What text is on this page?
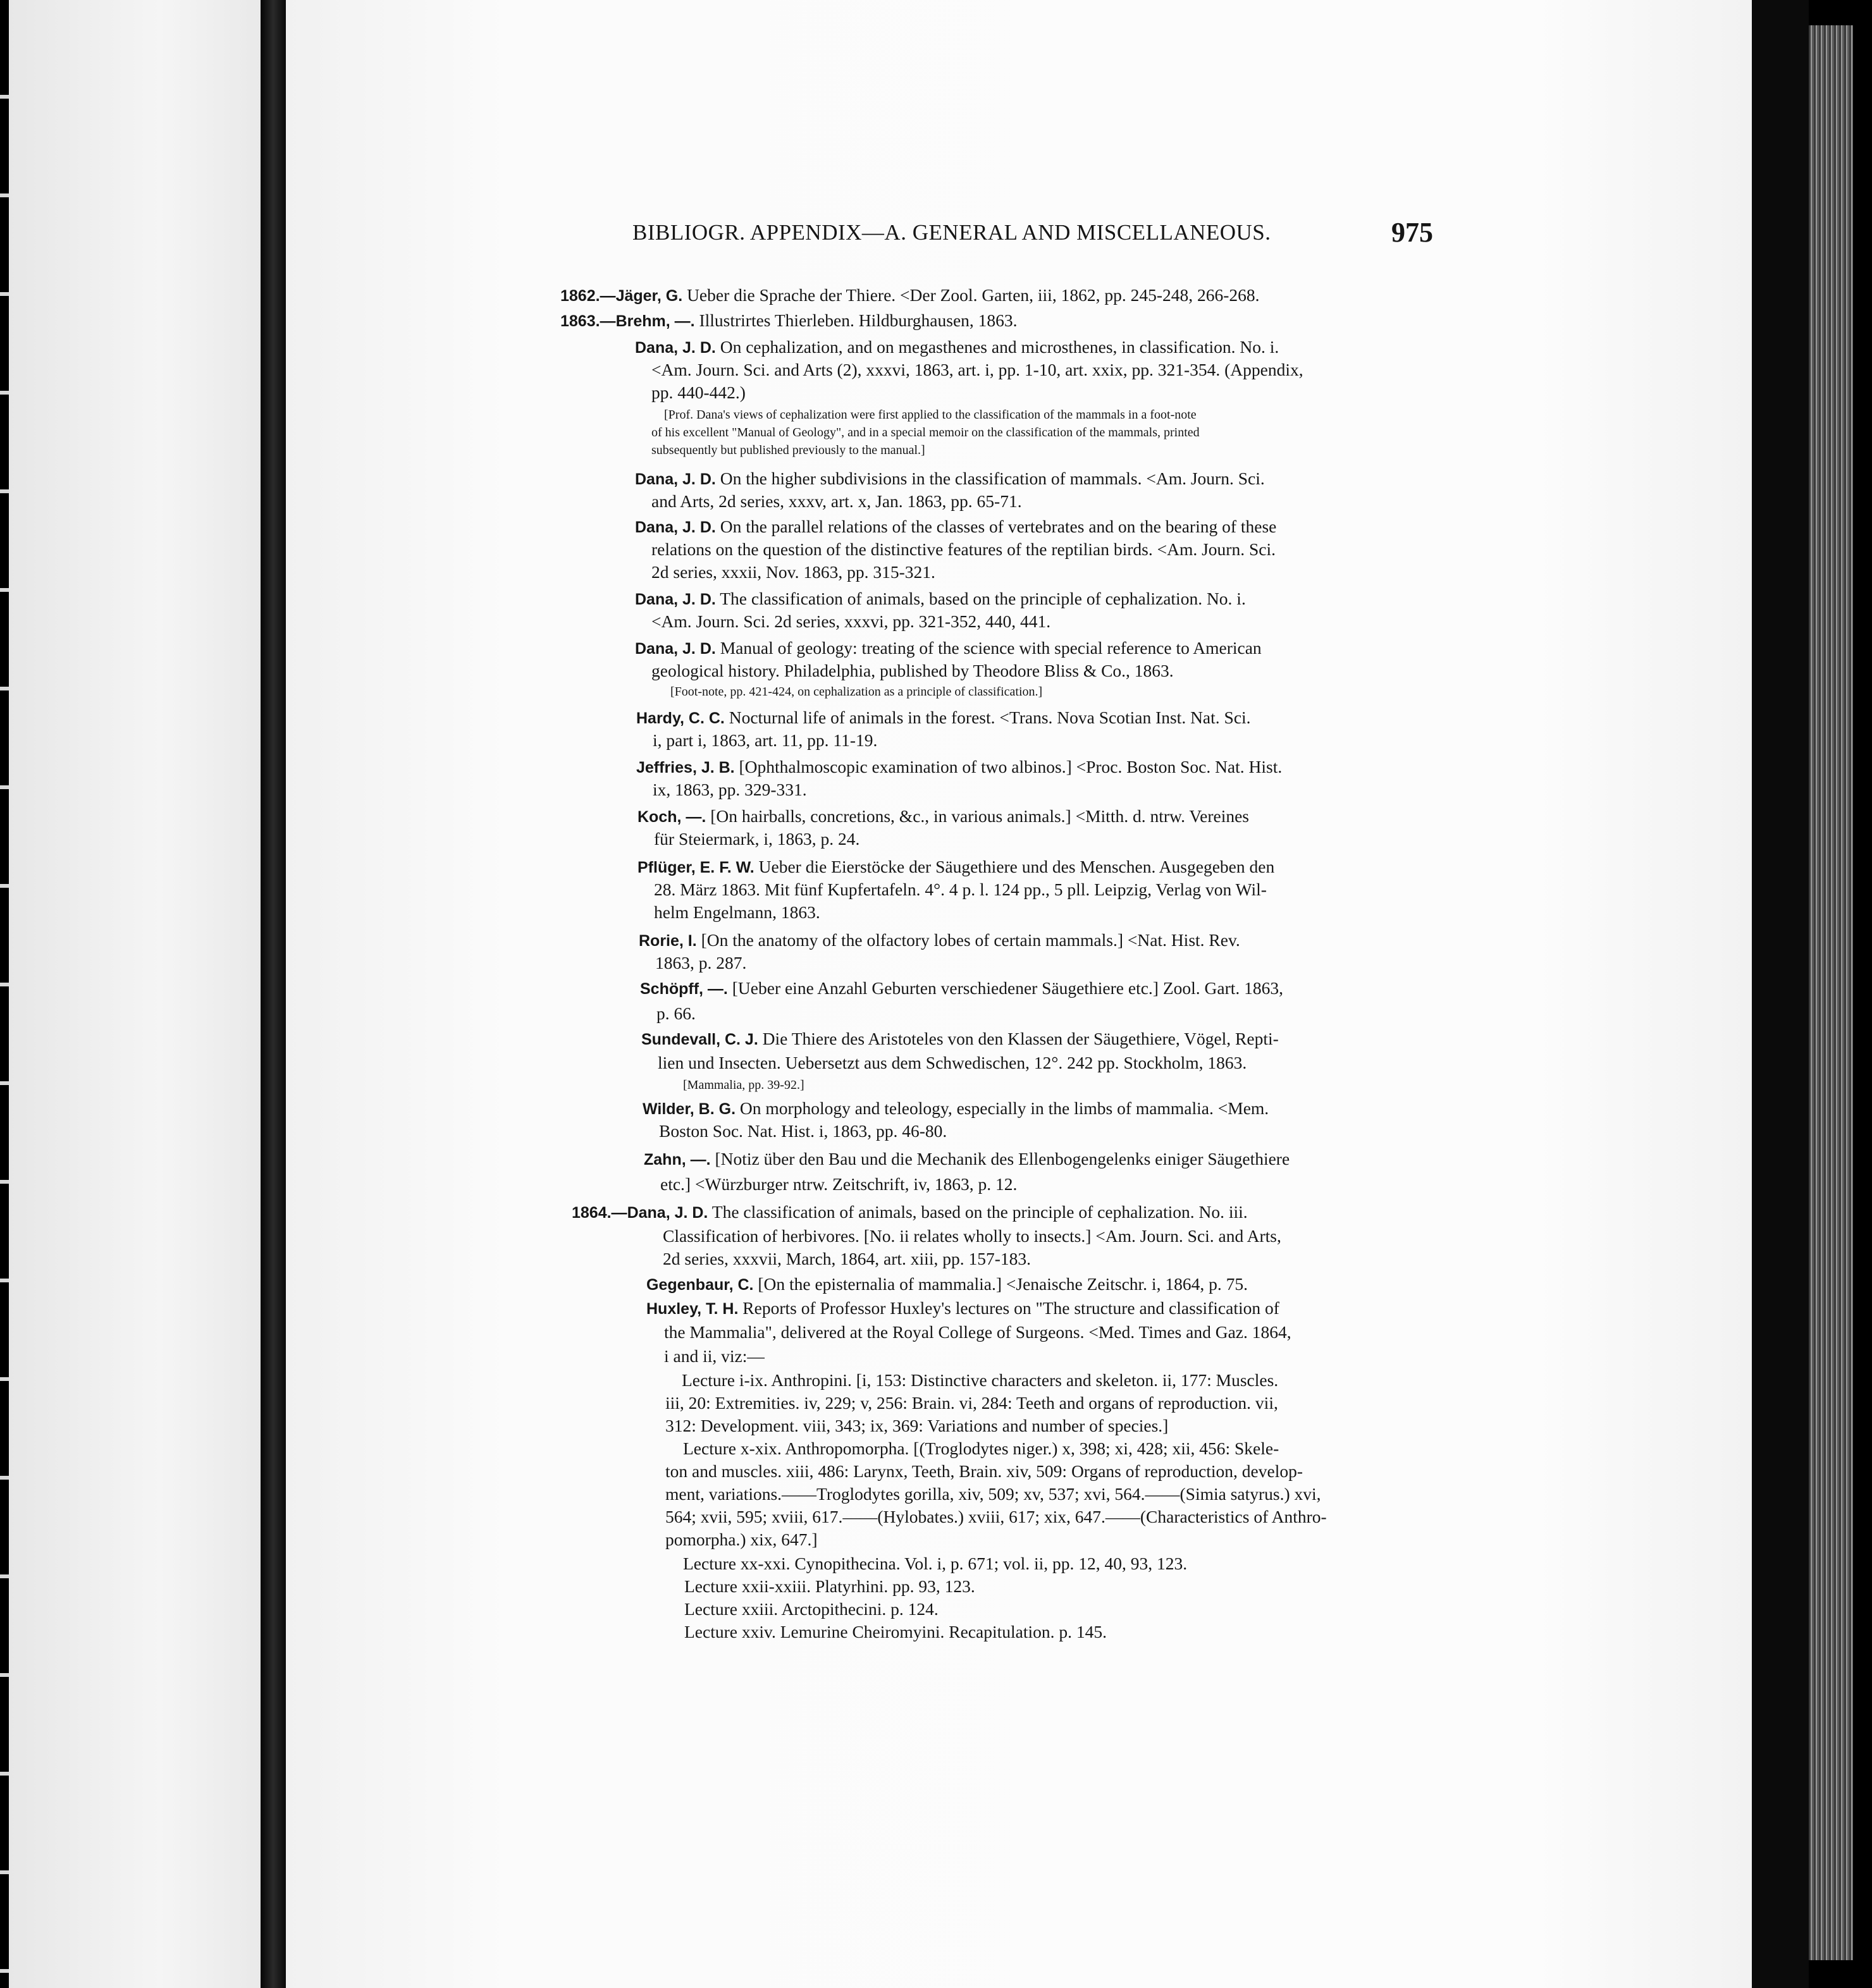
BIBLIOGR. APPENDIX—A. GENERAL AND MISCELLANEOUS.	975
1862.—Jäger, G. Ueber die Sprache der Thiere. <Der Zool. Garten, iii, 1862, pp. 245-248, 266-268.
1863.—Brehm, —. Illustrirtes Thierleben. Hildburghausen, 1863.
Dana, J. D. On cephalization, and on megasthenes and microsthenes, in classification. No. i.
<Am. Journ. Sci. and Arts (2), xxxvi, 1863, art. i, pp. 1-10, art. xxix, pp. 321-354. (Appendix,
pp. 440-442.)
[Prof. Dana's views of cephalization were first applied to the classification of the mammals in a foot-note
of his excellent "Manual of Geology", and in a special memoir on the classification of the mammals, printed
subsequently but published previously to the manual.]
Dana, J. D. On the higher subdivisions in the classification of mammals. <Am. Journ. Sci.
and Arts, 2d series, xxxv, art. x, Jan. 1863, pp. 65-71.
Dana, J. D. On the parallel relations of the classes of vertebrates and on the bearing of these
relations on the question of the distinctive features of the reptilian birds. <Am. Journ. Sci.
2d series, xxxii, Nov. 1863, pp. 315-321.
Dana, J. D. The classification of animals, based on the principle of cephalization. No. i.
<Am. Journ. Sci. 2d series, xxxvi, pp. 321-352, 440, 441.
Dana, J. D. Manual of geology: treating of the science with special reference to American
geological history. Philadelphia, published by Theodore Bliss & Co., 1863.
[Foot-note, pp. 421-424, on cephalization as a principle of classification.]
Hardy, C. C. Nocturnal life of animals in the forest. <Trans. Nova Scotian Inst. Nat. Sci.
i, part i, 1863, art. 11, pp. 11-19.
Jeffries, J. B. [Ophthalmoscopic examination of two albinos.] <Proc. Boston Soc. Nat. Hist.
ix, 1863, pp. 329-331.
Koch, —. [On hairballs, concretions, &c., in various animals.] <Mitth. d. ntrw. Vereines
für Steiermark, i, 1863, p. 24.
Pflüger, E. F. W. Ueber die Eierstöcke der Säugethiere und des Menschen. Ausgegeben den
28. März 1863. Mit fünf Kupfertafeln. 4°. 4 p. l. 124 pp., 5 pll. Leipzig, Verlag von Wil-
helm Engelmann, 1863.
Rorie, I. [On the anatomy of the olfactory lobes of certain mammals.] <Nat. Hist. Rev.
1863, p. 287.
Schöpff, —. [Ueber eine Anzahl Geburten verschiedener Säugethiere etc.] Zool. Gart. 1863,
p. 66.
Sundevall, C. J. Die Thiere des Aristoteles von den Klassen der Säugethiere, Vögel, Repti-
lien und Insecten. Uebersetzt aus dem Schwedischen, 12°. 242 pp. Stockholm, 1863.
[Mammalia, pp. 39-92.]
Wilder, B. G. On morphology and teleology, especially in the limbs of mammalia. <Mem.
Boston Soc. Nat. Hist. i, 1863, pp. 46-80.
Zahn, —. [Notiz über den Bau und die Mechanik des Ellenbogengelenks einiger Säugethiere
etc.] <Würzburger ntrw. Zeitschrift, iv, 1863, p. 12.
1864.—Dana, J. D. The classification of animals, based on the principle of cephalization. No. iii.
Classification of herbivores. [No. ii relates wholly to insects.] <Am. Journ. Sci. and Arts,
2d series, xxxvii, March, 1864, art. xiii, pp. 157-183.
Gegenbaur, C. [On the episternalia of mammalia.] <Jenaische Zeitschr. i, 1864, p. 75.
Huxley, T. H. Reports of Professor Huxley's lectures on "The structure and classification of
the Mammalia", delivered at the Royal College of Surgeons. <Med. Times and Gaz. 1864,
i and ii, viz:—
Lecture i-ix. Anthropini. [i, 153: Distinctive characters and skeleton. ii, 177: Muscles.
iii, 20: Extremities. iv, 229; v, 256: Brain. vi, 284: Teeth and organs of reproduction. vii,
312: Development. viii, 343; ix, 369: Variations and number of species.]
Lecture x-xix. Anthropomorpha. [(Troglodytes niger.) x, 398; xi, 428; xii, 456: Skele-
ton and muscles. xiii, 486: Larynx, Teeth, Brain. xiv, 509: Organs of reproduction, develop-
ment, variations.——Troglodytes gorilla, xiv, 509; xv, 537; xvi, 564.——(Simia satyrus.) xvi,
564; xvii, 595; xviii, 617.——(Hylobates.) xviii, 617; xix, 647.——(Characteristics of Anthro-
pomorpha.) xix, 647.]
Lecture xx-xxi. Cynopithecina. Vol. i, p. 671; vol. ii, pp. 12, 40, 93, 123.
Lecture xxii-xxiii. Platyrhini. pp. 93, 123.
Lecture xxiii. Arctopithecini. p. 124.
Lecture xxiv. Lemurine Cheiromyini. Recapitulation. p. 145.
